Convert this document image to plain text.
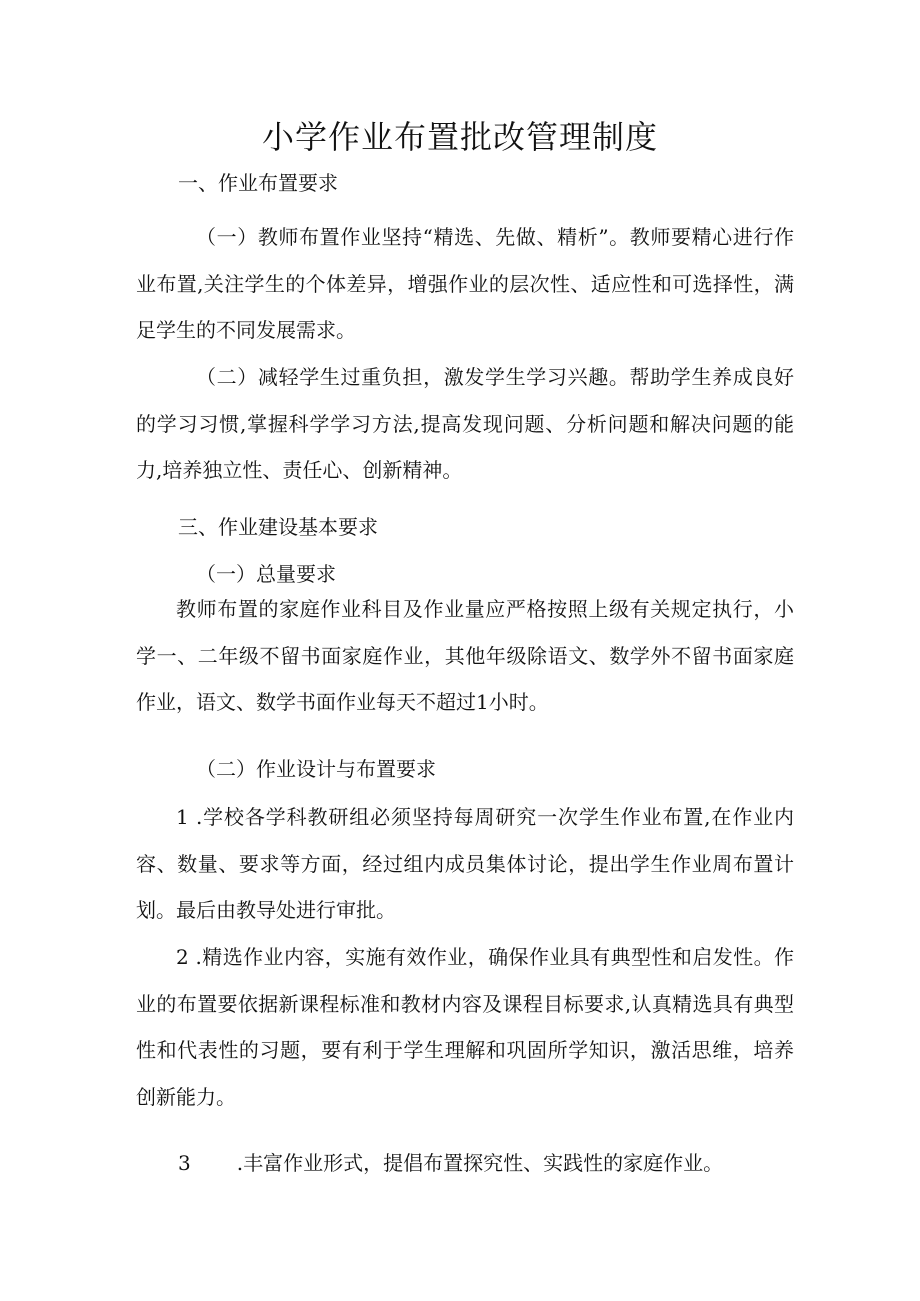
小学作业布置批改管理制度

一、作业布置要求

（一）教师布置作业坚持“精选、先做、精析”。教师要精心进行作业布置,关注学生的个体差异，增强作业的层次性、适应性和可选择性，满足学生的不同发展需求。

（二）减轻学生过重负担，激发学生学习兴趣。帮助学生养成良好的学习习惯,掌握科学学习方法,提高发现问题、分析问题和解决问题的能力,培养独立性、责任心、创新精神。

三、作业建设基本要求

（一）总量要求

教师布置的家庭作业科目及作业量应严格按照上级有关规定执行，小学一、二年级不留书面家庭作业，其他年级除语文、数学外不留书面家庭作业，语文、数学书面作业每天不超过1小时。

（二）作业设计与布置要求

1 .学校各学科教研组必须坚持每周研究一次学生作业布置,在作业内容、数量、要求等方面，经过组内成员集体讨论，提出学生作业周布置计划。最后由教导处进行审批。

2 .精选作业内容，实施有效作业，确保作业具有典型性和启发性。作业的布置要依据新课程标准和教材内容及课程目标要求,认真精选具有典型性和代表性的习题，要有利于学生理解和巩固所学知识，激活思维，培养创新能力。

3 .丰富作业形式，提倡布置探究性、实践性的家庭作业。
